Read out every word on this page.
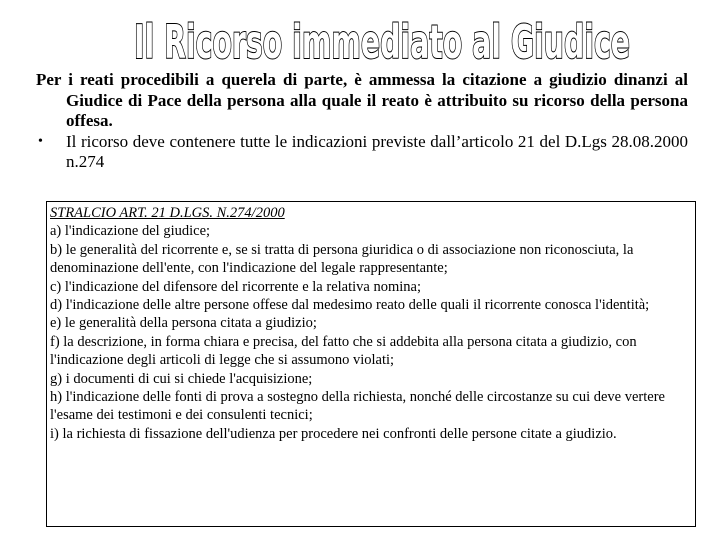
Il Ricorso immediato al Giudice

Per i reati procedibili a querela di parte, è ammessa la citazione a giudizio dinanzi al Giudice di Pace della persona alla quale il reato è attribuito su ricorso della persona offesa.

•	Il ricorso deve contenere tutte le indicazioni previste dall’articolo 21 del D.Lgs 28.08.2000 n.274
STRALCIO ART. 21 D.LGS. N.274/2000
a) l'indicazione del giudice;
b) le generalità del ricorrente e, se si tratta di persona giuridica o di associazione non riconosciuta, la denominazione dell'ente, con l'indicazione del legale rappresentante;
c) l'indicazione del difensore del ricorrente e la relativa nomina;
d) l'indicazione delle altre persone offese dal medesimo reato delle quali il ricorrente conosca l'identità;
e) le generalità della persona citata a giudizio;
f) la descrizione, in forma chiara e precisa, del fatto che si addebita alla persona citata a giudizio, con l'indicazione degli articoli di legge che si assumono violati;
g) i documenti di cui si chiede l'acquisizione;
h) l'indicazione delle fonti di prova a sostegno della richiesta, nonché delle circostanze su cui deve vertere l'esame dei testimoni e dei consulenti tecnici;
i) la richiesta di fissazione dell'udienza per procedere nei confronti delle persone citate a giudizio.
